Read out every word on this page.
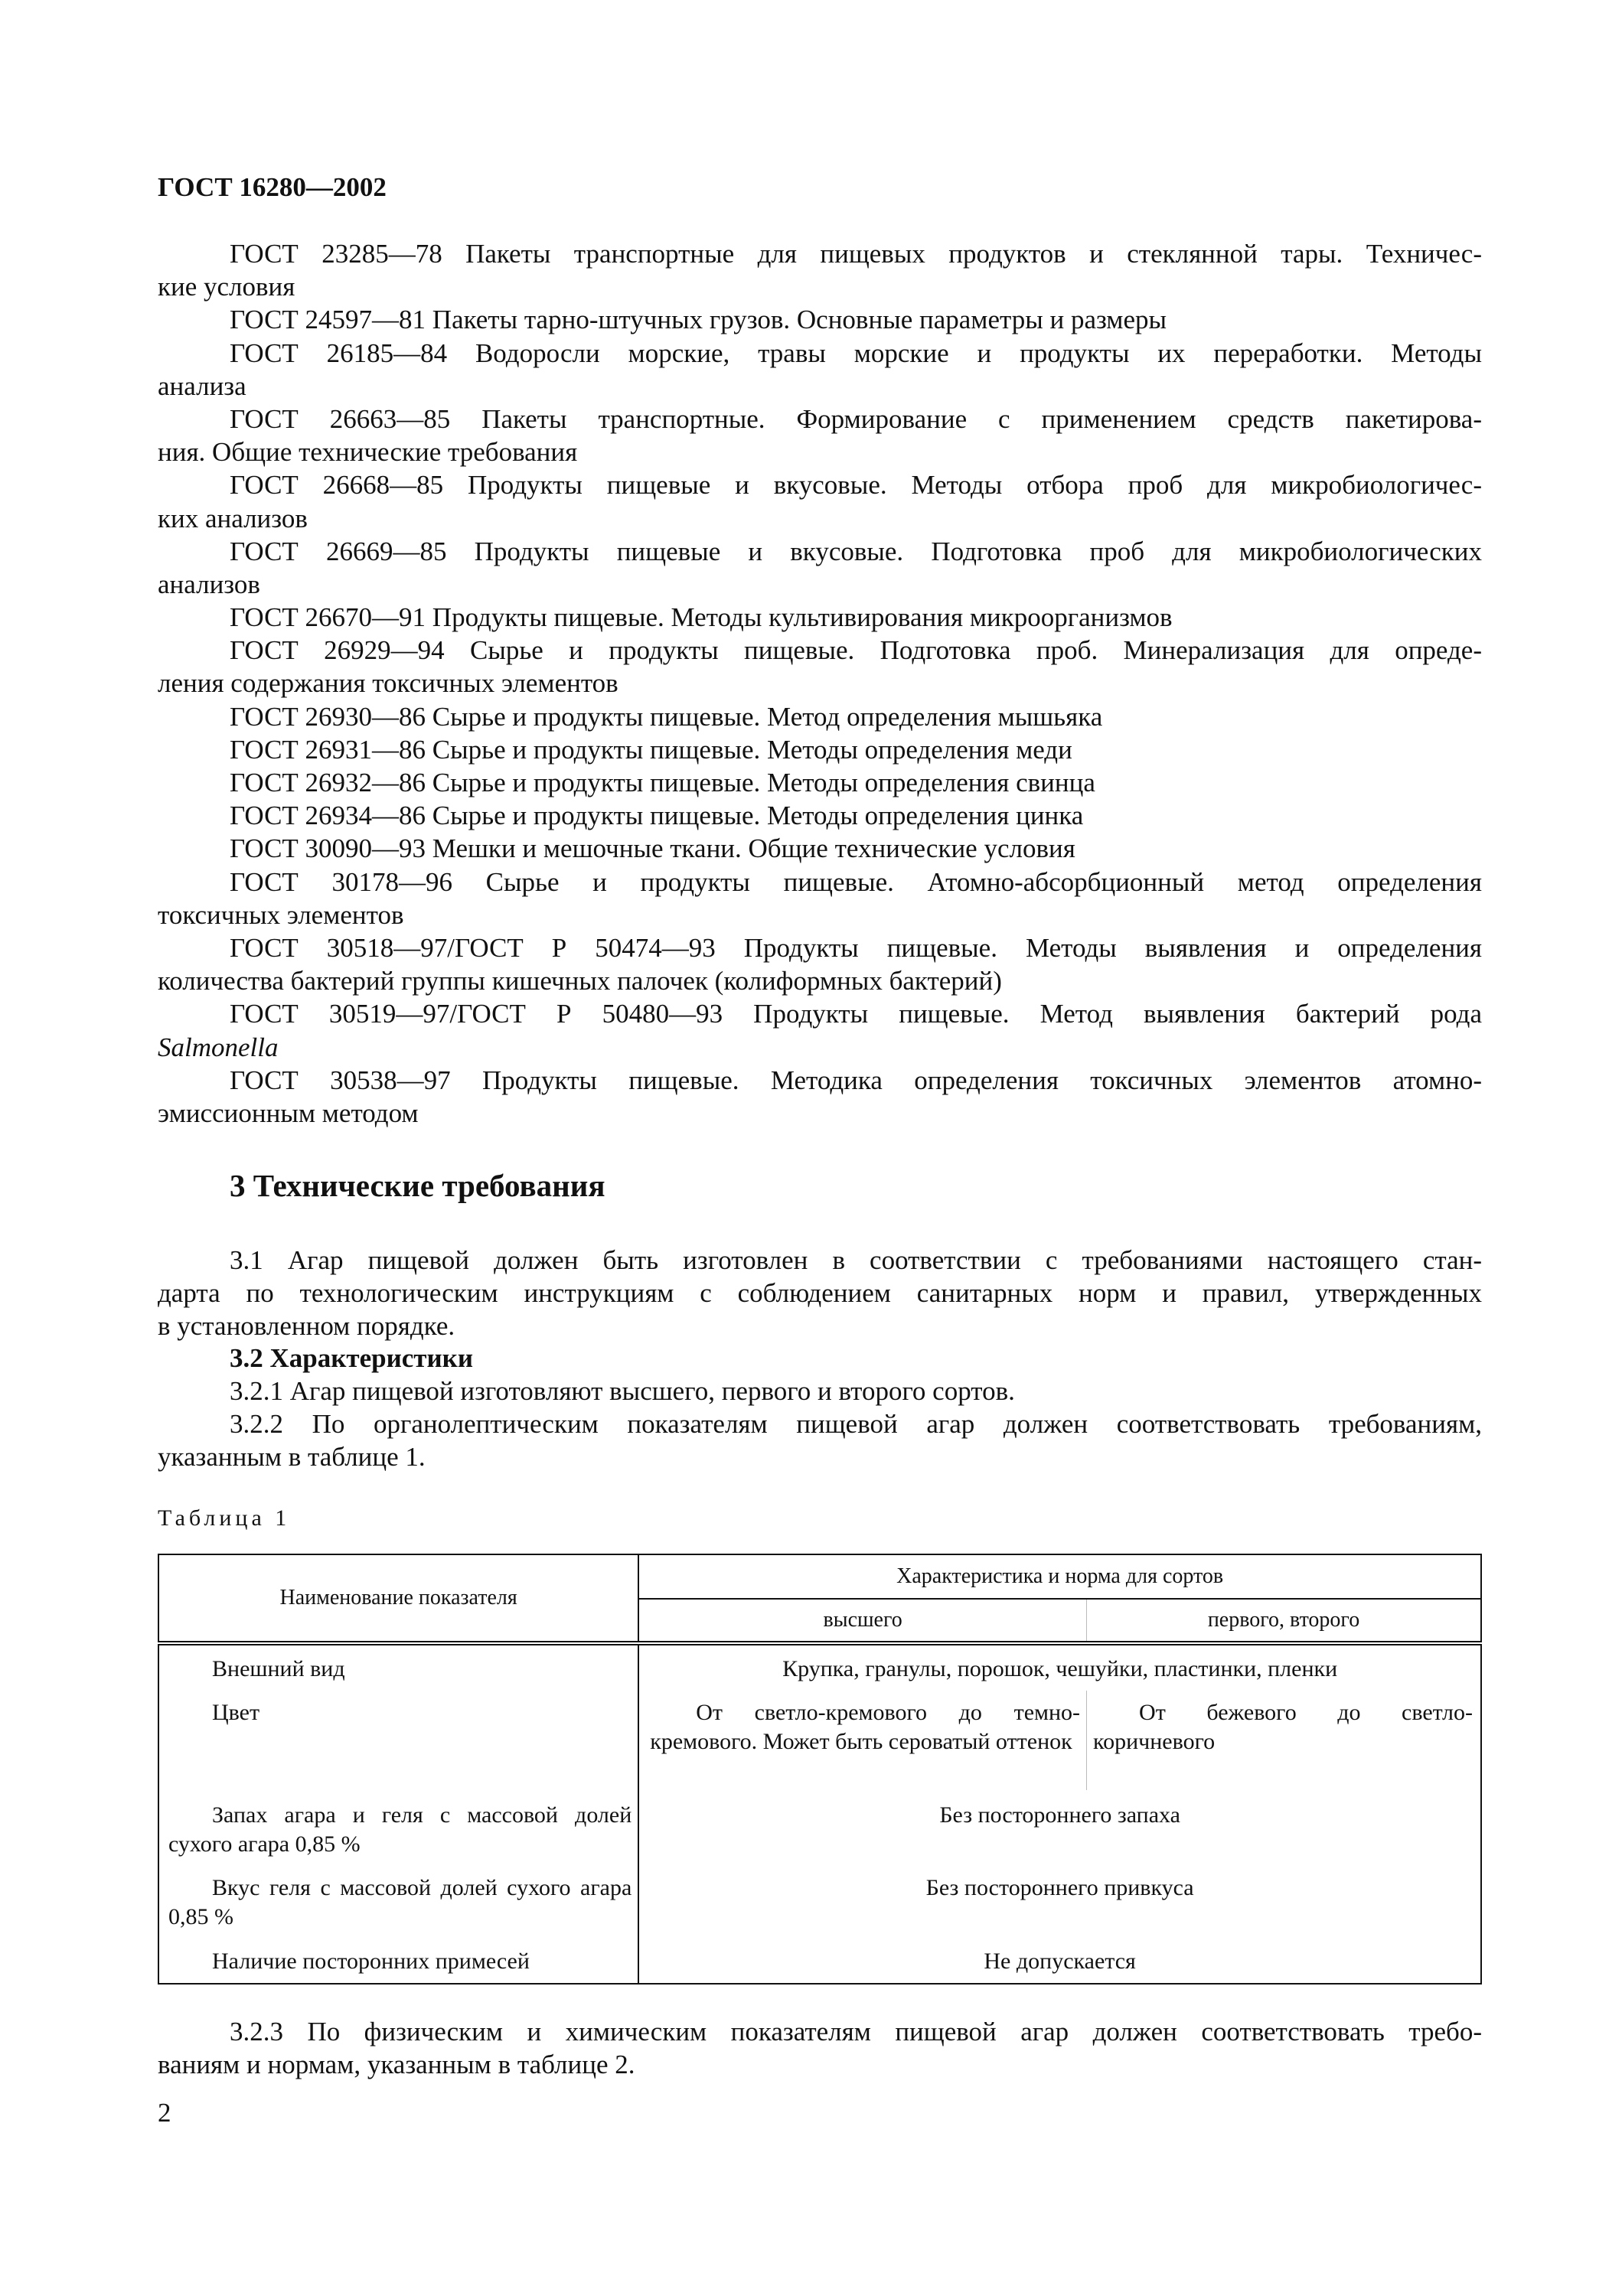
ГОСТ 16280—2002
ГОСТ 23285—78 Пакеты транспортные для пищевых продуктов и стеклянной тары. Техничес-
кие условия
ГОСТ 24597—81 Пакеты тарно-штучных грузов. Основные параметры и размеры
ГОСТ 26185—84 Водоросли морские, травы морские и продукты их переработки. Методы
анализа
ГОСТ 26663—85 Пакеты транспортные. Формирование с применением средств пакетирова-
ния. Общие технические требования
ГОСТ 26668—85 Продукты пищевые и вкусовые. Методы отбора проб для микробиологичес-
ких анализов
ГОСТ 26669—85 Продукты пищевые и вкусовые. Подготовка проб для микробиологических
анализов
ГОСТ 26670—91 Продукты пищевые. Методы культивирования микроорганизмов
ГОСТ 26929—94 Сырье и продукты пищевые. Подготовка проб. Минерализация для опреде-
ления содержания токсичных элементов
ГОСТ 26930—86 Сырье и продукты пищевые. Метод определения мышьяка
ГОСТ 26931—86 Сырье и продукты пищевые. Методы определения меди
ГОСТ 26932—86 Сырье и продукты пищевые. Методы определения свинца
ГОСТ 26934—86 Сырье и продукты пищевые. Методы определения цинка
ГОСТ 30090—93 Мешки и мешочные ткани. Общие технические условия
ГОСТ 30178—96 Сырье и продукты пищевые. Атомно-абсорбционный метод определения
токсичных элементов
ГОСТ 30518—97/ГОСТ Р 50474—93 Продукты пищевые. Методы выявления и определения
количества бактерий группы кишечных палочек (колиформных бактерий)
ГОСТ 30519—97/ГОСТ Р 50480—93 Продукты пищевые. Метод выявления бактерий рода
Salmonella
ГОСТ 30538—97 Продукты пищевые. Методика определения токсичных элементов атомно-
эмиссионным методом
3 Технические требования
3.1 Агар пищевой должен быть изготовлен в соответствии с требованиями настоящего стан-
дарта по технологическим инструкциям с соблюдением санитарных норм и правил, утвержденных
в установленном порядке.
3.2 Характеристики
3.2.1 Агар пищевой изготовляют высшего, первого и второго сортов.
3.2.2 По органолептическим показателям пищевой агар должен соответствовать требованиям,
указанным в таблице 1.
Таблица 1
Наименование показателя	Характеристика и норма для сортов	
	высшего	первого, второго
Внешний вид	Крупка, гранулы, порошок, чешуйки, пластинки, пленки	
Цвет	От светло-кремового до темно-кремового. Может быть сероватый оттенок	От бежевого до светло-коричневого
Запах агара и геля с массовой долей сухого агара 0,85 %	Без постороннего запаха	
Вкус геля с массовой долей сухого агара 0,85 %	Без постороннего привкуса	
Наличие посторонних примесей	Не допускается	
3.2.3 По физическим и химическим показателям пищевой агар должен соответствовать требо-
ваниям и нормам, указанным в таблице 2.
2
